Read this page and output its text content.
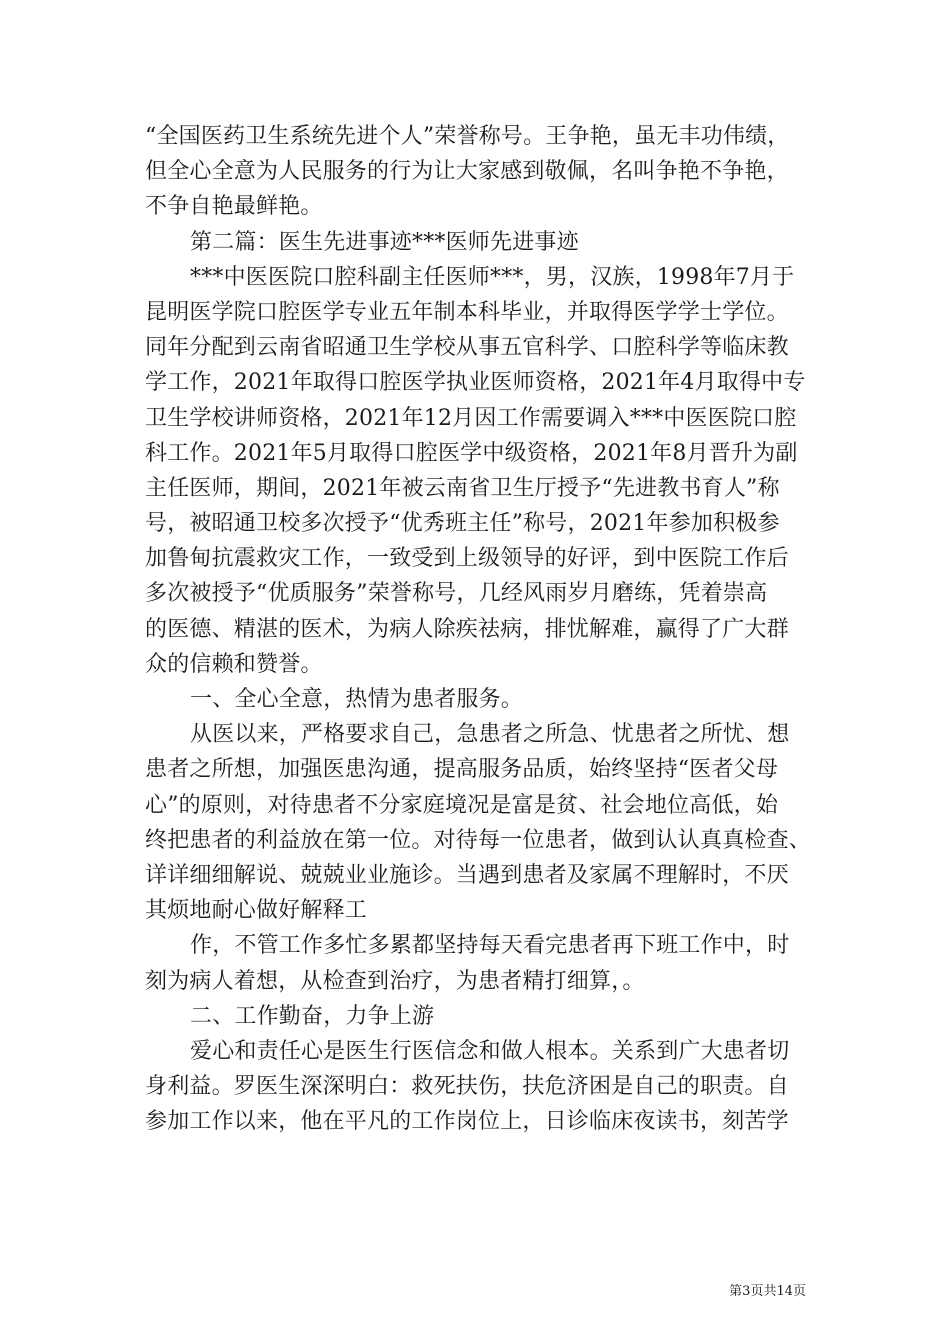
“全国医药卫生系统先进个人”荣誉称号。王争艳，虽无丰功伟绩，
但全心全意为人民服务的行为让大家感到敬佩，名叫争艳不争艳，
不争自艳最鲜艳。
第二篇：医生先进事迹***医师先进事迹
***中医医院口腔科副主任医师***，男，汉族，1998年7月于
昆明医学院口腔医学专业五年制本科毕业，并取得医学学士学位。
同年分配到云南省昭通卫生学校从事五官科学、口腔科学等临床教
学工作，2021年取得口腔医学执业医师资格，2021年4月取得中专
卫生学校讲师资格，2021年12月因工作需要调入***中医医院口腔
科工作。2021年5月取得口腔医学中级资格，2021年8月晋升为副
主任医师，期间，2021年被云南省卫生厅授予“先进教书育人”称
号，被昭通卫校多次授予“优秀班主任”称号，2021年参加积极参
加鲁甸抗震救灾工作，一致受到上级领导的好评，到中医院工作后
多次被授予“优质服务”荣誉称号，几经风雨岁月磨练，凭着崇高
的医德、精湛的医术，为病人除疾祛病，排忧解难，赢得了广大群
众的信赖和赞誉。
一、全心全意，热情为患者服务。
从医以来，严格要求自己，急患者之所急、忧患者之所忧、想
患者之所想，加强医患沟通，提高服务品质，始终坚持“医者父母
心”的原则，对待患者不分家庭境况是富是贫、社会地位高低，始
终把患者的利益放在第一位。对待每一位患者，做到认认真真检查、
详详细细解说、兢兢业业施诊。当遇到患者及家属不理解时，不厌
其烦地耐心做好解释工
作，不管工作多忙多累都坚持每天看完患者再下班工作中，时
刻为病人着想，从检查到治疗，为患者精打细算，。
二、工作勤奋，力争上游
爱心和责任心是医生行医信念和做人根本。关系到广大患者切
身利益。罗医生深深明白：救死扶伤，扶危济困是自己的职责。自
参加工作以来，他在平凡的工作岗位上，日诊临床夜读书，刻苦学
第3页共14页
